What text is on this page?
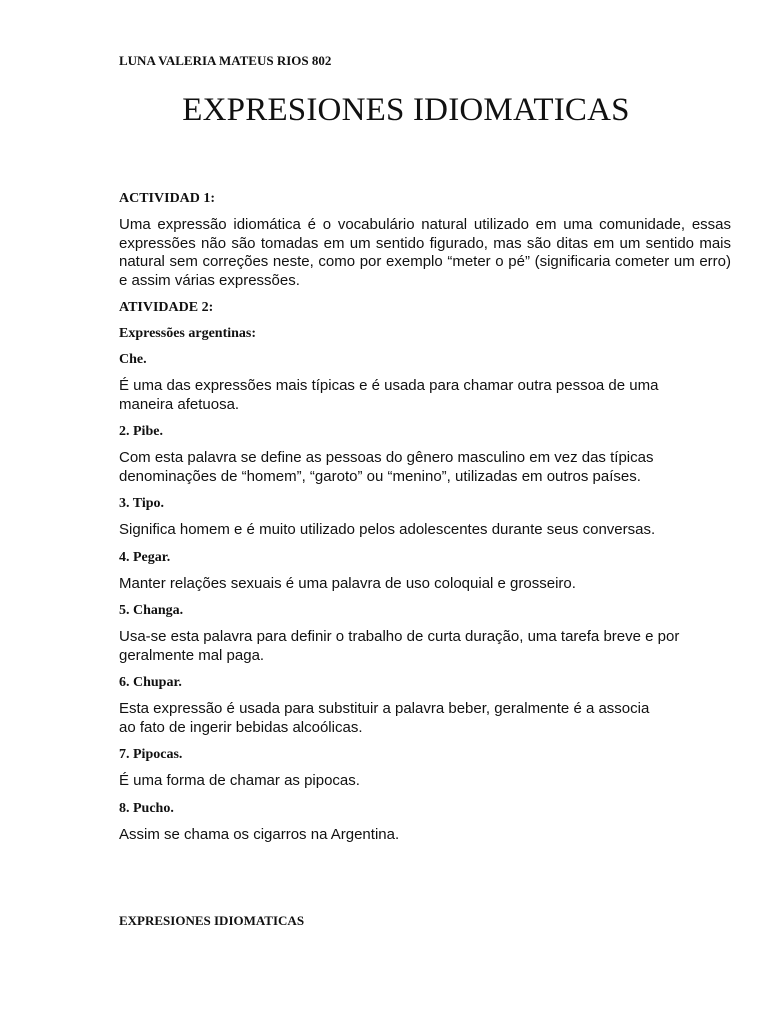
LUNA VALERIA MATEUS RIOS 802

EXPRESIONES IDIOMATICAS

ACTIVIDAD 1:

Uma expressão idiomática é o vocabulário natural utilizado em uma comunidade, essas expressões não são tomadas em um sentido figurado, mas são ditas em um sentido mais natural sem correções neste, como por exemplo “meter o pé” (significaria cometer um erro) e assim várias expressões.

ATIVIDADE 2:

Expressões argentinas:

Che.

É uma das expressões mais típicas e é usada para chamar outra pessoa de uma maneira afetuosa.

2. Pibe.

Com esta palavra se define as pessoas do gênero masculino em vez das típicas denominações de “homem”, “garoto” ou “menino”, utilizadas em outros países.

3. Tipo.

Significa homem e é muito utilizado pelos adolescentes durante seus conversas.

4. Pegar.

Manter relações sexuais é uma palavra de uso coloquial e grosseiro.

5. Changa.

Usa-se esta palavra para definir o trabalho de curta duração, uma tarefa breve e por geralmente mal paga.

6. Chupar.

Esta expressão é usada para substituir a palavra beber, geralmente é a associa ao fato de ingerir bebidas alcoólicas.

7. Pipocas.

É uma forma de chamar as pipocas.

8. Pucho.

Assim se chama os cigarros na Argentina.

EXPRESIONES IDIOMATICAS
